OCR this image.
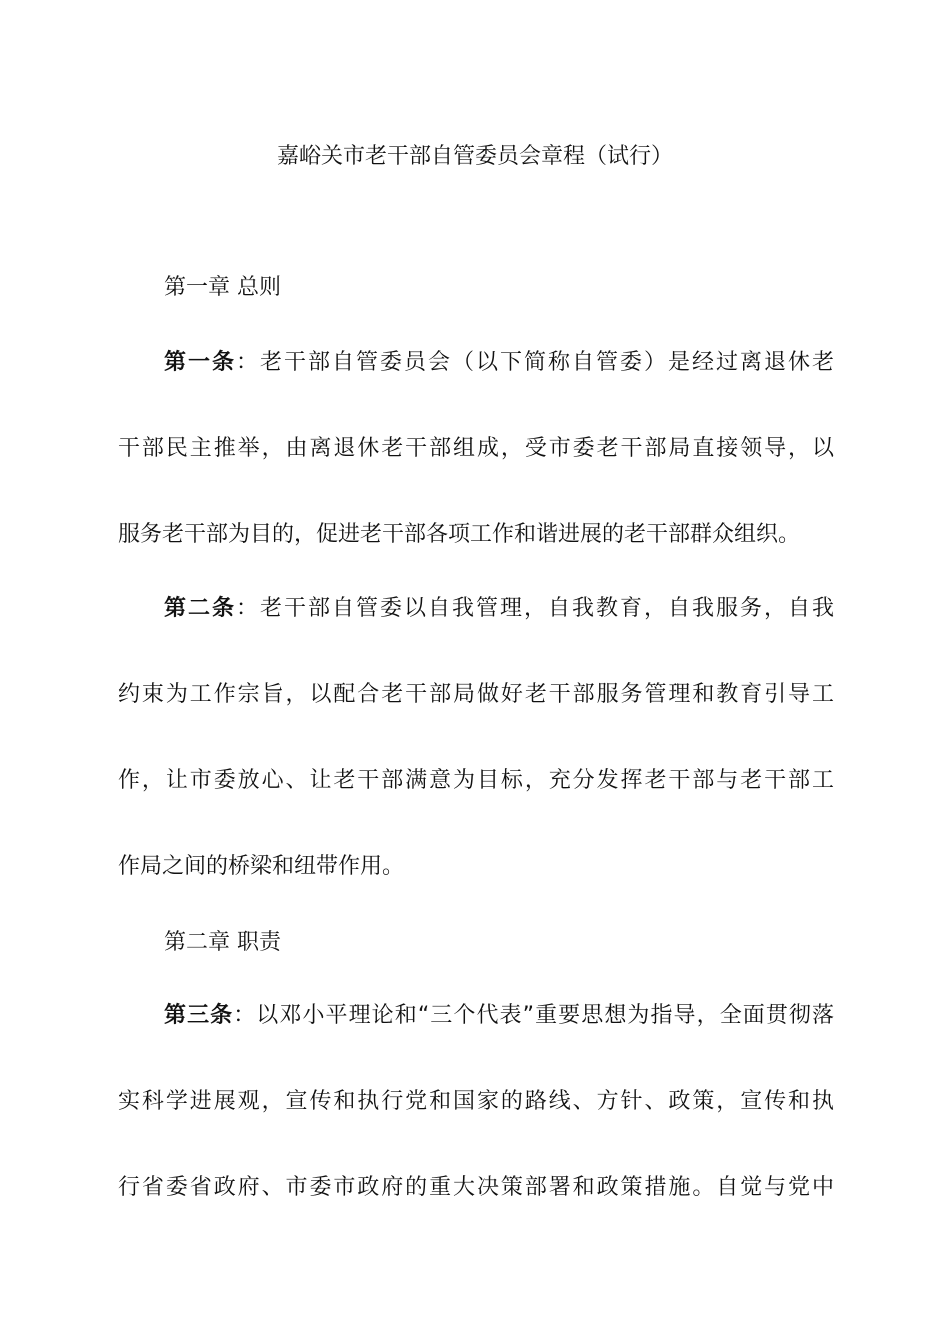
嘉峪关市老干部自管委员会章程（试行）

第一章 总则

第一条：老干部自管委员会（以下简称自管委）是经过离退休老
干部民主推举，由离退休老干部组成，受市委老干部局直接领导，以
服务老干部为目的，促进老干部各项工作和谐进展的老干部群众组织。
第二条：老干部自管委以自我管理，自我教育，自我服务，自我
约束为工作宗旨，以配合老干部局做好老干部服务管理和教育引导工
作，让市委放心、让老干部满意为目标，充分发挥老干部与老干部工
作局之间的桥梁和纽带作用。

第二章 职责

第三条：以邓小平理论和“三个代表”重要思想为指导，全面贯彻落
实科学进展观，宣传和执行党和国家的路线、方针、政策，宣传和执
行省委省政府、市委市政府的重大决策部署和政策措施。自觉与党中
